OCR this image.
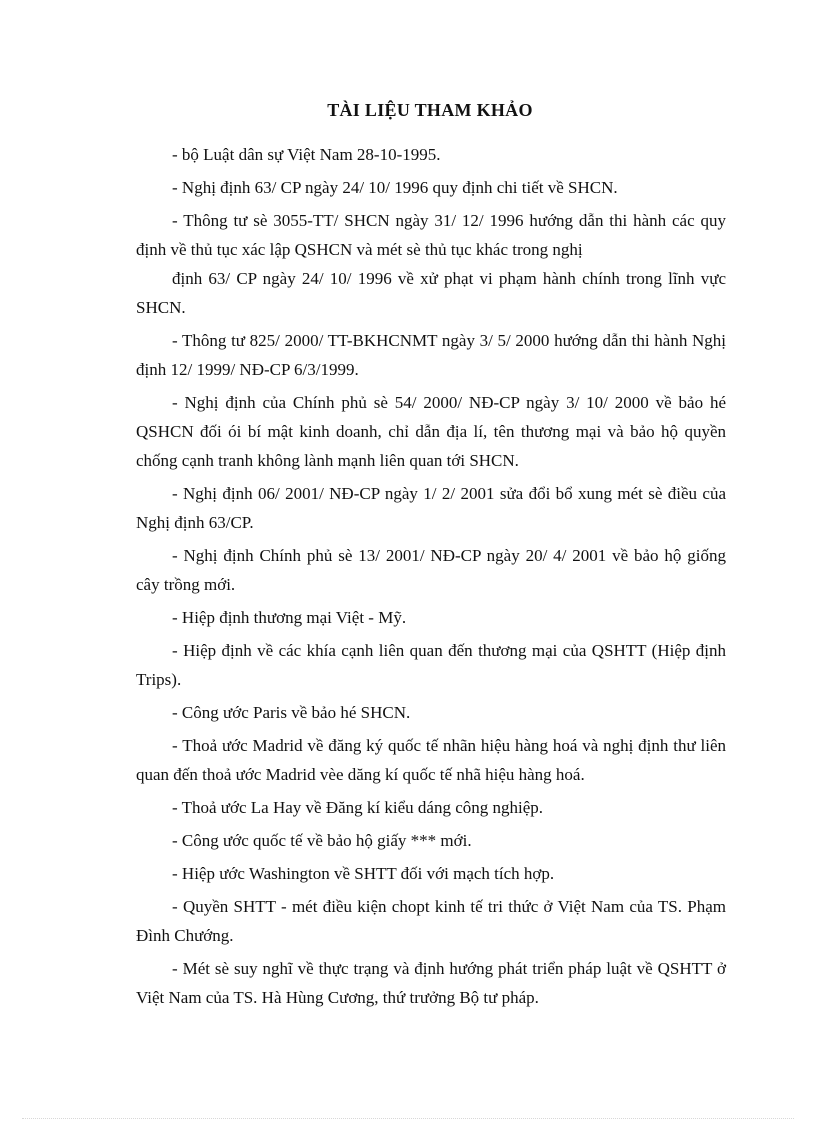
TÀI LIỆU THAM KHẢO

- bộ Luật dân sự Việt Nam 28-10-1995.

- Nghị định 63/ CP ngày 24/ 10/ 1996 quy định chi tiết về SHCN.

- Thông tư sè 3055-TT/ SHCN ngày 31/ 12/ 1996 hướng dẫn thi hành các quy định về thủ tục xác lập QSHCN và mét sè thủ tục khác trong nghị

định 63/ CP ngày 24/ 10/ 1996 về xử phạt vi phạm hành chính trong lĩnh vực SHCN.

- Thông tư 825/ 2000/ TT-BKHCNMT ngày 3/ 5/ 2000 hướng dẫn thi hành Nghị định 12/ 1999/ NĐ-CP 6/3/1999.

- Nghị định của Chính phủ sè 54/ 2000/ NĐ-CP ngày 3/ 10/ 2000 về bảo hé QSHCN đối ói bí mật kinh doanh, chỉ dẫn địa lí, tên thương mại và bảo hộ quyền chống cạnh tranh không lành mạnh liên quan tới SHCN.

- Nghị định 06/ 2001/ NĐ-CP ngày 1/ 2/ 2001 sửa đổi bổ xung mét sè điều của Nghị định 63/CP.

- Nghị định Chính phủ sè 13/ 2001/ NĐ-CP ngày 20/ 4/ 2001 về bảo hộ giống cây trồng mới.

- Hiệp định thương mại Việt - Mỹ.

- Hiệp định về các khía cạnh liên quan đến thương mại của QSHTT (Hiệp định Trips).

- Công ước Paris về bảo hé SHCN.

- Thoả ước Madrid về đăng ký quốc tế nhãn hiệu hàng hoá và nghị định thư liên quan đến thoả ước Madrid vèe dăng kí quốc tế nhã hiệu hàng hoá.

- Thoả ước La Hay về Đăng kí kiểu dáng công nghiệp.

- Công ước quốc tế về bảo hộ giấy *** mới.

- Hiệp ước Washington về SHTT đối với mạch tích hợp.

- Quyền SHTT - mét điều kiện chopt kinh tế tri thức ở Việt Nam của TS. Phạm Đình Chướng.

- Mét sè suy nghĩ về thực trạng và định hướng phát triển pháp luật về QSHTT ở Việt Nam của TS. Hà Hùng Cương, thứ trưởng Bộ tư pháp.
